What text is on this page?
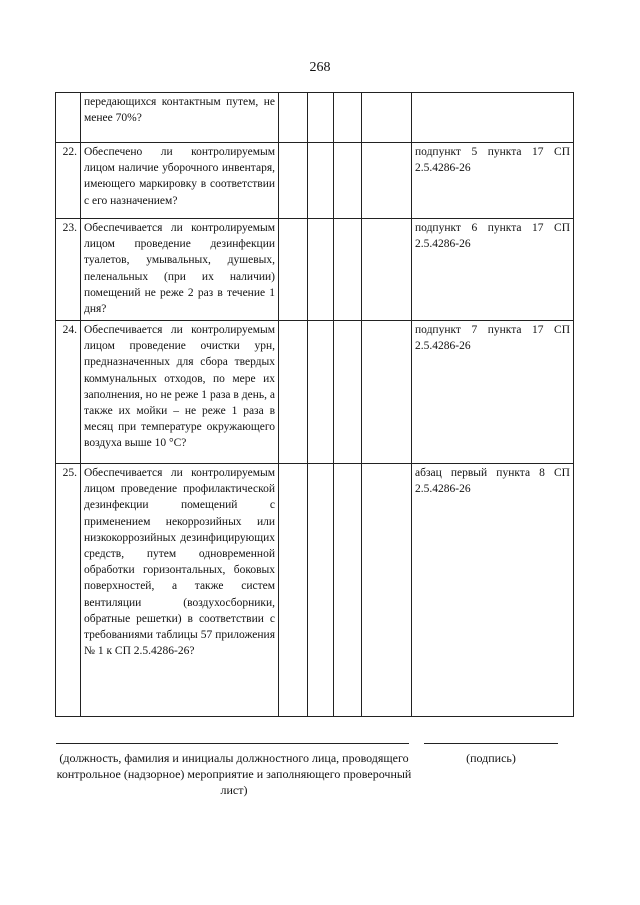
268
	передающихся контактным путем, не менее 70%?					
22.	Обеспечено ли контролируемым лицом наличие уборочного инвентаря, имеющего маркировку в соответствии с его назначением?					подпункт 5 пункта 17 СП 2.5.4286-26
23.	Обеспечивается ли контролируемым лицом проведение дезинфекции туалетов, умывальных, душевых, пеленальных (при их наличии) помещений не реже 2 раз в течение 1 дня?					подпункт 6 пункта 17 СП 2.5.4286-26
24.	Обеспечивается ли контролируемым лицом проведение очистки урн, предназначенных для сбора твердых коммунальных отходов, по мере их заполнения, но не реже 1 раза в день, а также их мойки – не реже 1 раза в месяц при температуре окружающего воздуха выше 10 °С?					подпункт 7 пункта 17 СП 2.5.4286-26
25.	Обеспечивается ли контролируемым лицом проведение профилактической дезинфекции помещений с применением некоррозийных или низкокоррозийных дезинфицирующих средств, путем одновременной обработки горизонтальных, боковых поверхностей, а также систем вентиляции (воздухосборники, обратные решетки) в соответствии с требованиями таблицы 57 приложения № 1 к СП 2.5.4286-26?					абзац первый пункта 8 СП 2.5.4286-26
(должность, фамилия и инициалы должностного лица, проводящего контрольное (надзорное) мероприятие и заполняющего проверочный лист)
(подпись)
